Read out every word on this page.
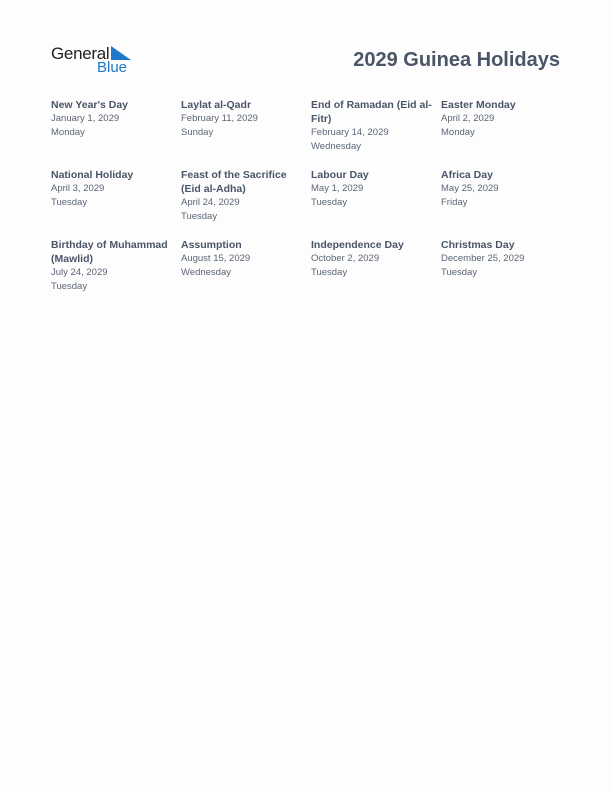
General
Blue	2029 Guinea Holidays
New Year's Day
January 1, 2029
Monday
Laylat al-Qadr
February 11, 2029
Sunday
End of Ramadan (Eid al-Fitr)
February 14, 2029
Wednesday
Easter Monday
April 2, 2029
Monday
National Holiday
April 3, 2029
Tuesday
Feast of the Sacrifice (Eid al-Adha)
April 24, 2029
Tuesday
Labour Day
May 1, 2029
Tuesday
Africa Day
May 25, 2029
Friday
Birthday of Muhammad (Mawlid)
July 24, 2029
Tuesday
Assumption
August 15, 2029
Wednesday
Independence Day
October 2, 2029
Tuesday
Christmas Day
December 25, 2029
Tuesday
